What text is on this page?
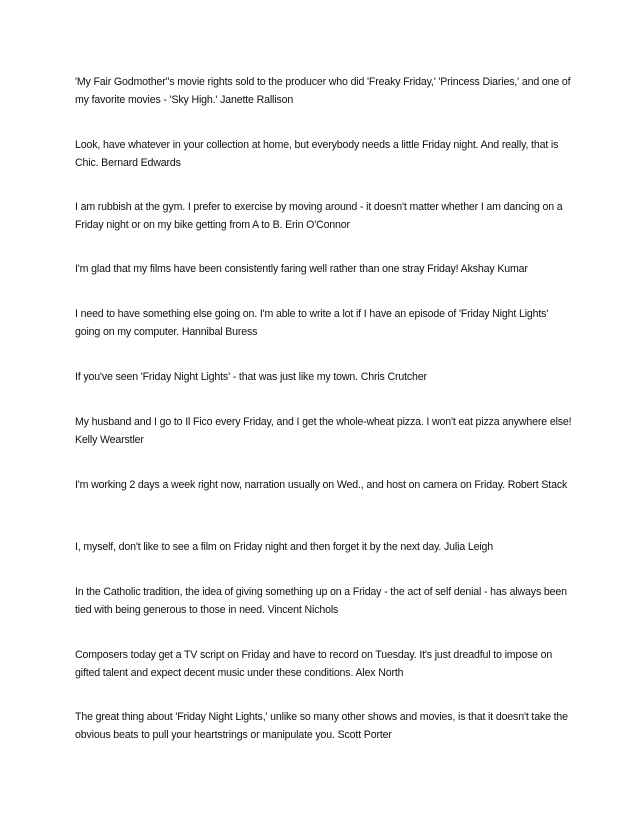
'My Fair Godmother''s movie rights sold to the producer who did 'Freaky Friday,' 'Princess Diaries,' and one of my favorite movies - 'Sky High.' Janette Rallison

Look, have whatever in your collection at home, but everybody needs a little Friday night. And really, that is Chic. Bernard Edwards

I am rubbish at the gym. I prefer to exercise by moving around - it doesn't matter whether I am dancing on a Friday night or on my bike getting from A to B. Erin O'Connor

I'm glad that my films have been consistently faring well rather than one stray Friday! Akshay Kumar

I need to have something else going on. I'm able to write a lot if I have an episode of 'Friday Night Lights' going on my computer. Hannibal Buress

If you've seen 'Friday Night Lights' - that was just like my town. Chris Crutcher

My husband and I go to Il Fico every Friday, and I get the whole-wheat pizza. I won't eat pizza anywhere else! Kelly Wearstler

I'm working 2 days a week right now, narration usually on Wed., and host on camera on Friday. Robert Stack

I, myself, don't like to see a film on Friday night and then forget it by the next day. Julia Leigh

In the Catholic tradition, the idea of giving something up on a Friday - the act of self denial - has always been tied with being generous to those in need. Vincent Nichols

Composers today get a TV script on Friday and have to record on Tuesday. It's just dreadful to impose on gifted talent and expect decent music under these conditions. Alex North

The great thing about 'Friday Night Lights,' unlike so many other shows and movies, is that it doesn't take the obvious beats to pull your heartstrings or manipulate you. Scott Porter
